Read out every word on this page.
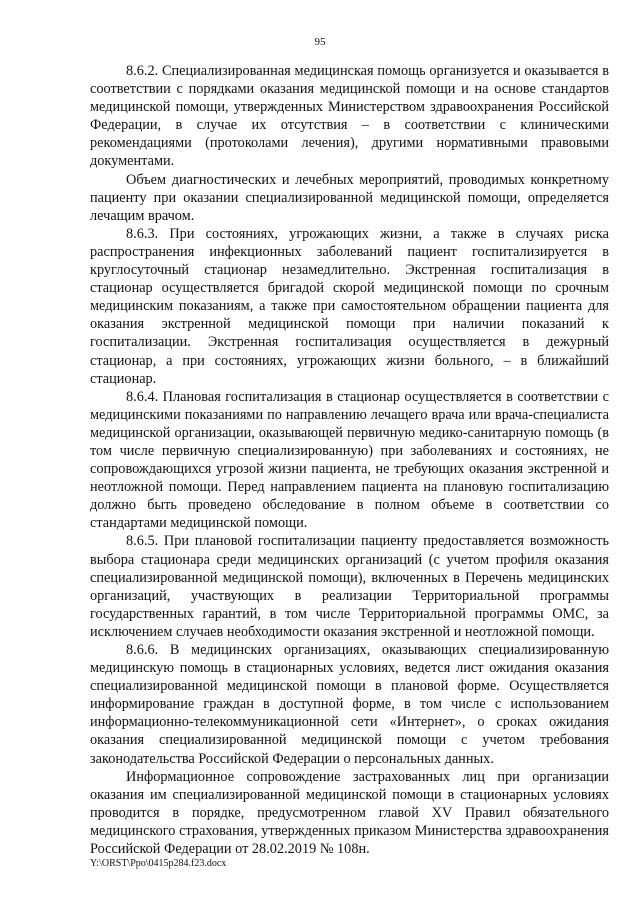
95

8.6.2. Специализированная медицинская помощь организуется и оказывается в соответствии с порядками оказания медицинской помощи и на основе стандартов медицинской помощи, утвержденных Министерством здравоохранения Российской Федерации, в случае их отсутствия – в соответствии с клиническими рекомендациями (протоколами лечения), другими нормативными правовыми документами.

Объем диагностических и лечебных мероприятий, проводимых конкретному пациенту при оказании специализированной медицинской помощи, определяется лечащим врачом.

8.6.3. При состояниях, угрожающих жизни, а также в случаях риска распространения инфекционных заболеваний пациент госпитализируется в круглосуточный стационар незамедлительно. Экстренная госпитализация в стационар осуществляется бригадой скорой медицинской помощи по срочным медицинским показаниям, а также при самостоятельном обращении пациента для оказания экстренной медицинской помощи при наличии показаний к госпитализации. Экстренная госпитализация осуществляется в дежурный стационар, а при состояниях, угрожающих жизни больного, – в ближайший стационар.

8.6.4. Плановая госпитализация в стационар осуществляется в соответствии с медицинскими показаниями по направлению лечащего врача или врача-специалиста медицинской организации, оказывающей первичную медико-санитарную помощь (в том числе первичную специализированную) при заболеваниях и состояниях, не сопровождающихся угрозой жизни пациента, не требующих оказания экстренной и неотложной помощи. Перед направлением пациента на плановую госпитализацию должно быть проведено обследование в полном объеме в соответствии со стандартами медицинской помощи.

8.6.5. При плановой госпитализации пациенту предоставляется возможность выбора стационара среди медицинских организаций (с учетом профиля оказания специализированной медицинской помощи), включенных в Перечень медицинских организаций, участвующих в реализации Территориальной программы государственных гарантий, в том числе Территориальной программы ОМС, за исключением случаев необходимости оказания экстренной и неотложной помощи.

8.6.6. В медицинских организациях, оказывающих специализированную медицинскую помощь в стационарных условиях, ведется лист ожидания оказания специализированной медицинской помощи в плановой форме. Осуществляется информирование граждан в доступной форме, в том числе с использованием информационно-телекоммуникационной сети «Интернет», о сроках ожидания оказания специализированной медицинской помощи с учетом требования законодательства Российской Федерации о персональных данных.

Информационное сопровождение застрахованных лиц при организации оказания им специализированной медицинской помощи в стационарных условиях проводится в порядке, предусмотренном главой XV Правил обязательного медицинского страхования, утвержденных приказом Министерства здравоохранения Российской Федерации от 28.02.2019 № 108н.

Y:\ORST\Ppo\0415p284.f23.docx
